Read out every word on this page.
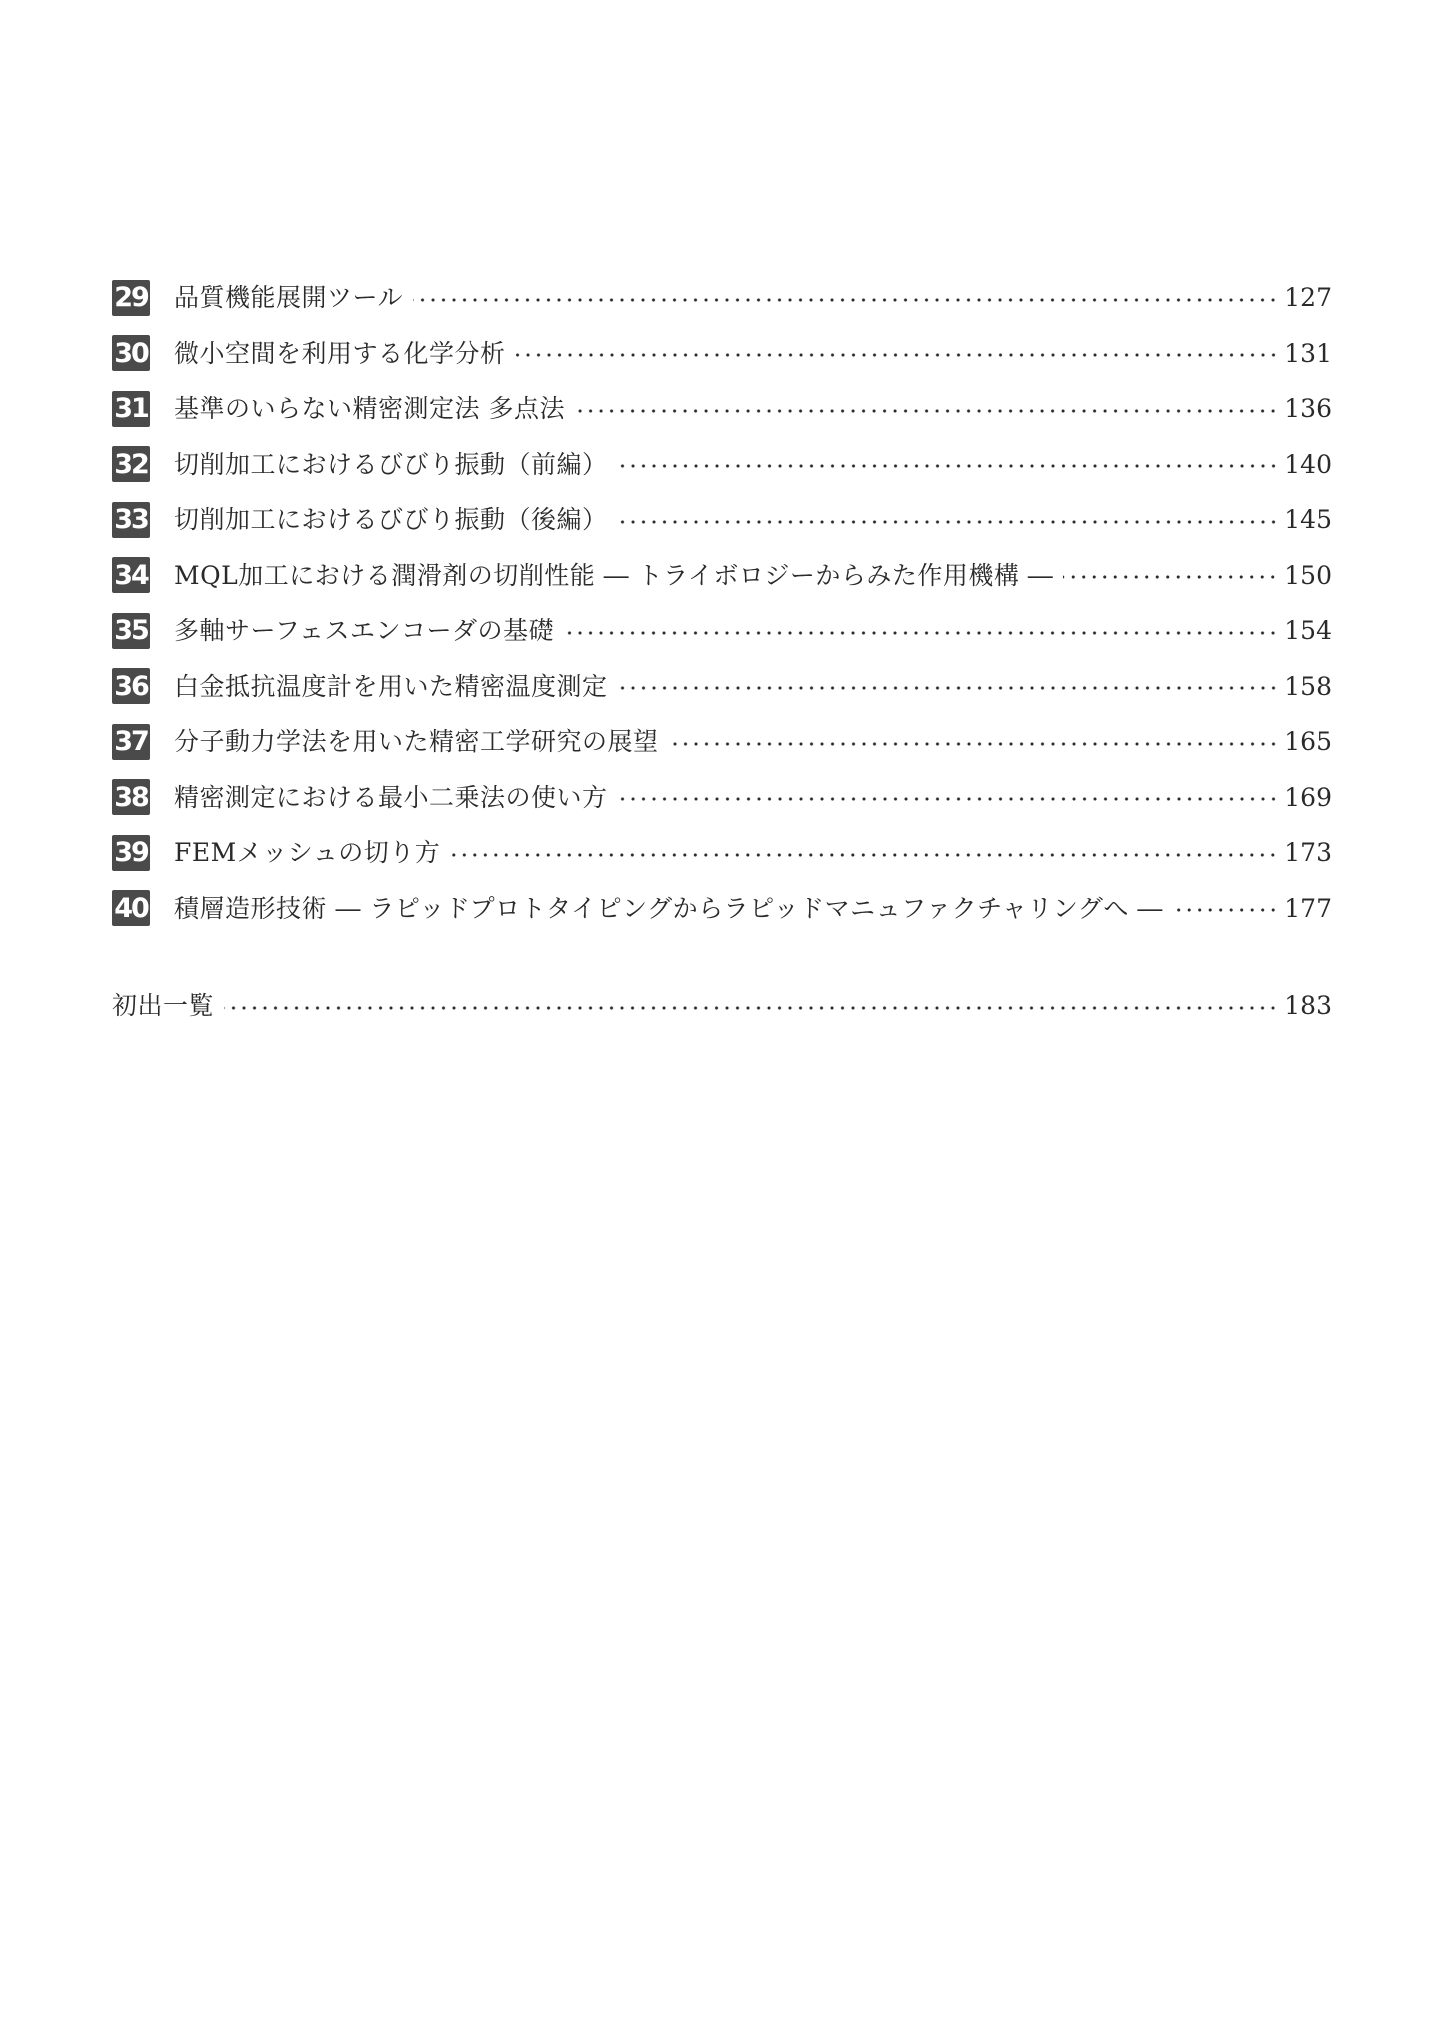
29 品質機能展開ツール	127
30 微小空間を利用する化学分析	131
31 基準のいらない精密測定法 多点法	136
32 切削加工におけるびびり振動（前編）	140
33 切削加工におけるびびり振動（後編）	145
34 MQL加工における潤滑剤の切削性能 ― トライボロジーからみた作用機構 ―	150
35 多軸サーフェスエンコーダの基礎	154
36 白金抵抗温度計を用いた精密温度測定	158
37 分子動力学法を用いた精密工学研究の展望	165
38 精密測定における最小二乗法の使い方	169
39 FEMメッシュの切り方	173
40 積層造形技術 ― ラピッドプロトタイピングからラピッドマニュファクチャリングへ ―	177
初出一覧	183
